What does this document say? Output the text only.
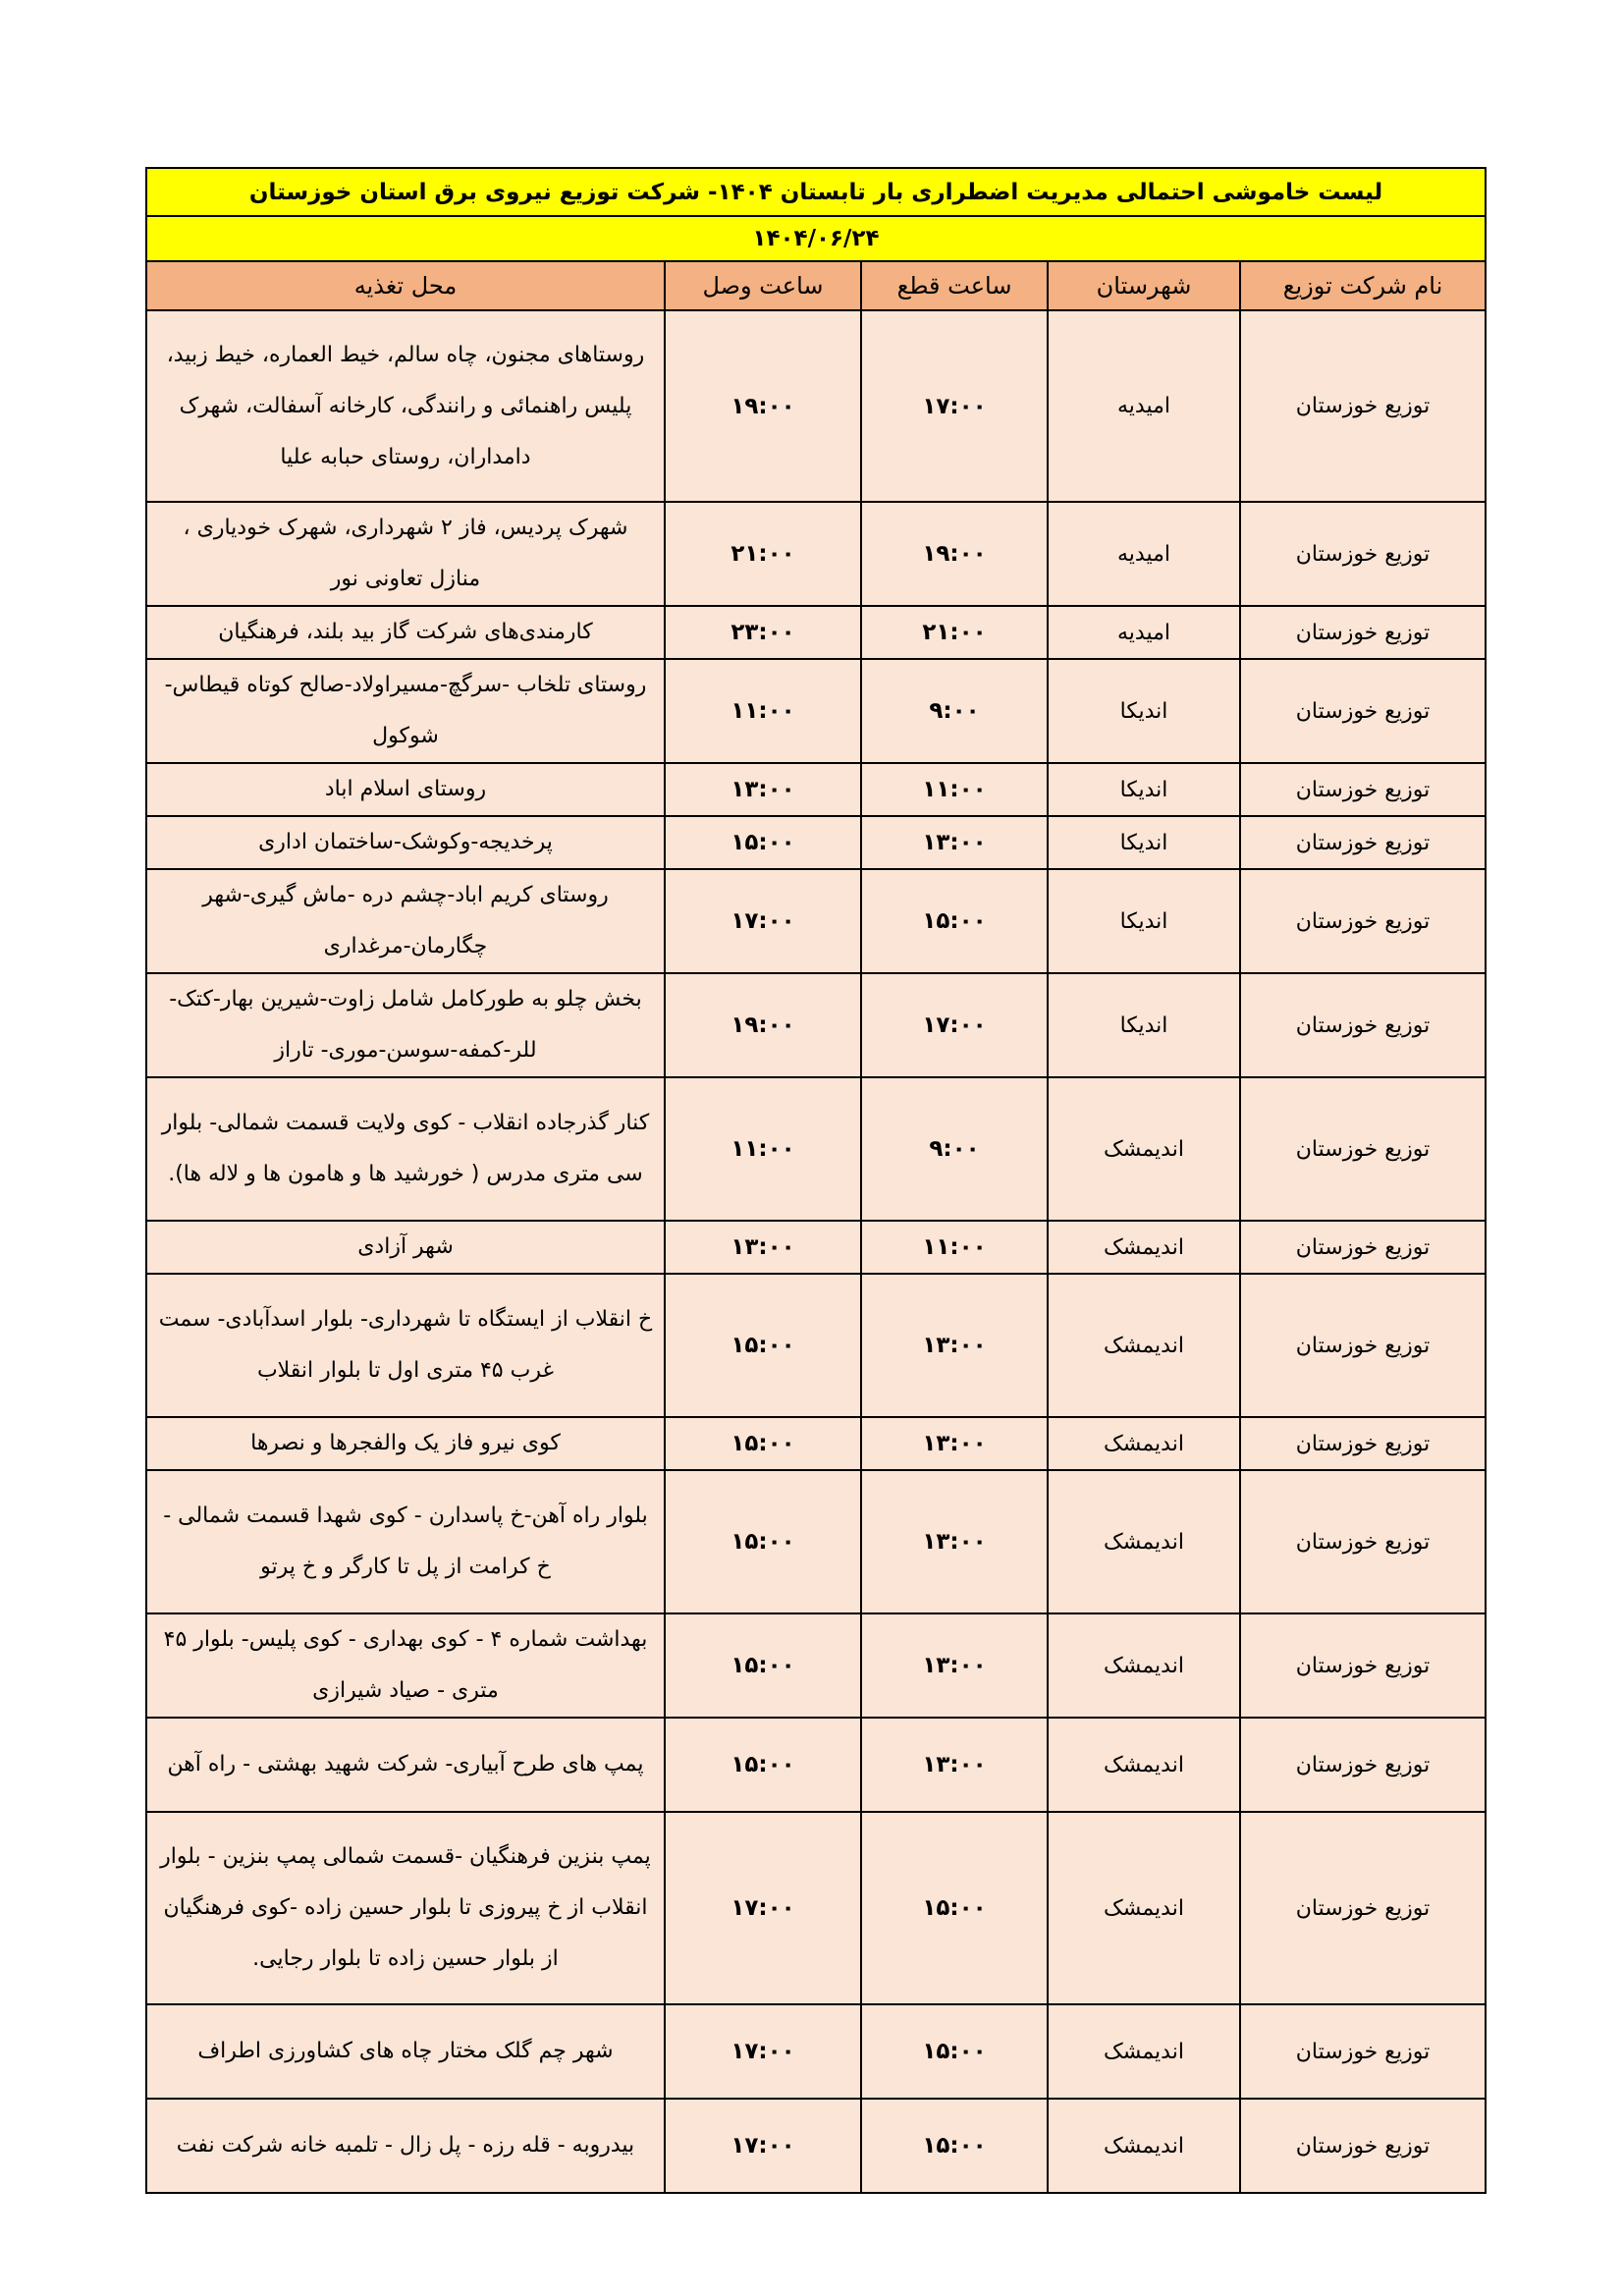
لیست خاموشی احتمالی مدیریت اضطراری بار تابستان ۱۴۰۴- شرکت توزیع نیروی برق استان خوزستان				
۱۴۰۴/۰۶/۲۴				
نام شرکت توزیع	شهرستان	ساعت قطع	ساعت وصل	محل تغذیه
توزیع خوزستان	امیدیه	۱۷:۰۰	۱۹:۰۰	روستاهای مجنون، چاه سالم، خیط العماره، خیط زبید، پلیس راهنمائی و رانندگی، کارخانه آسفالت، شهرک دامداران، روستای حبابه علیا
توزیع خوزستان	امیدیه	۱۹:۰۰	۲۱:۰۰	شهرک پردیس، فاز ۲ شهرداری، شهرک خودیاری ، منازل تعاونی نور
توزیع خوزستان	امیدیه	۲۱:۰۰	۲۳:۰۰	کارمندی‌های شرکت گاز بید بلند، فرهنگیان
توزیع خوزستان	اندیکا	۹:۰۰	۱۱:۰۰	روستای تلخاب -سرگچ-مسیراولاد-صالح کوتاه قیطاس-شوکول
توزیع خوزستان	اندیکا	۱۱:۰۰	۱۳:۰۰	روستای اسلام اباد
توزیع خوزستان	اندیکا	۱۳:۰۰	۱۵:۰۰	پرخدیجه-وکوشک-ساختمان اداری
توزیع خوزستان	اندیکا	۱۵:۰۰	۱۷:۰۰	روستای کریم اباد-چشم دره -ماش گیری-شهر چگارمان-مرغداری
توزیع خوزستان	اندیکا	۱۷:۰۰	۱۹:۰۰	بخش چلو به طورکامل شامل زاوت-شیرین بهار-کتک-للر-کمفه-سوسن-موری- تاراز
توزیع خوزستان	اندیمشک	۹:۰۰	۱۱:۰۰	کنار گذرجاده انقلاب - کوی ولایت قسمت شمالی- بلوار سی متری مدرس ( خورشید ها و هامون ها و لاله ها).
توزیع خوزستان	اندیمشک	۱۱:۰۰	۱۳:۰۰	شهر آزادی
توزیع خوزستان	اندیمشک	۱۳:۰۰	۱۵:۰۰	خ انقلاب از ایستگاه تا شهرداری- بلوار اسدآبادی- سمت غرب ۴۵ متری اول تا بلوار انقلاب
توزیع خوزستان	اندیمشک	۱۳:۰۰	۱۵:۰۰	کوی نیرو فاز یک والفجرها و نصرها
توزیع خوزستان	اندیمشک	۱۳:۰۰	۱۵:۰۰	بلوار راه آهن-خ پاسدارن - کوی شهدا قسمت شمالی - خ کرامت از پل تا کارگر و خ پرتو
توزیع خوزستان	اندیمشک	۱۳:۰۰	۱۵:۰۰	بهداشت شماره ۴ - کوی بهداری - کوی پلیس- بلوار ۴۵ متری - صیاد شیرازی
توزیع خوزستان	اندیمشک	۱۳:۰۰	۱۵:۰۰	پمپ های طرح آبیاری- شرکت شهید بهشتی - راه آهن
توزیع خوزستان	اندیمشک	۱۵:۰۰	۱۷:۰۰	پمپ بنزین فرهنگیان -قسمت شمالی پمپ بنزین - بلوار انقلاب از خ پیروزی تا بلوار حسین زاده -کوی فرهنگیان از بلوار حسین زاده تا بلوار رجایی.
توزیع خوزستان	اندیمشک	۱۵:۰۰	۱۷:۰۰	شهر چم گلک مختار چاه های کشاورزی اطراف
توزیع خوزستان	اندیمشک	۱۵:۰۰	۱۷:۰۰	بیدروبه - قله رزه - پل زال - تلمبه خانه شرکت نفت
